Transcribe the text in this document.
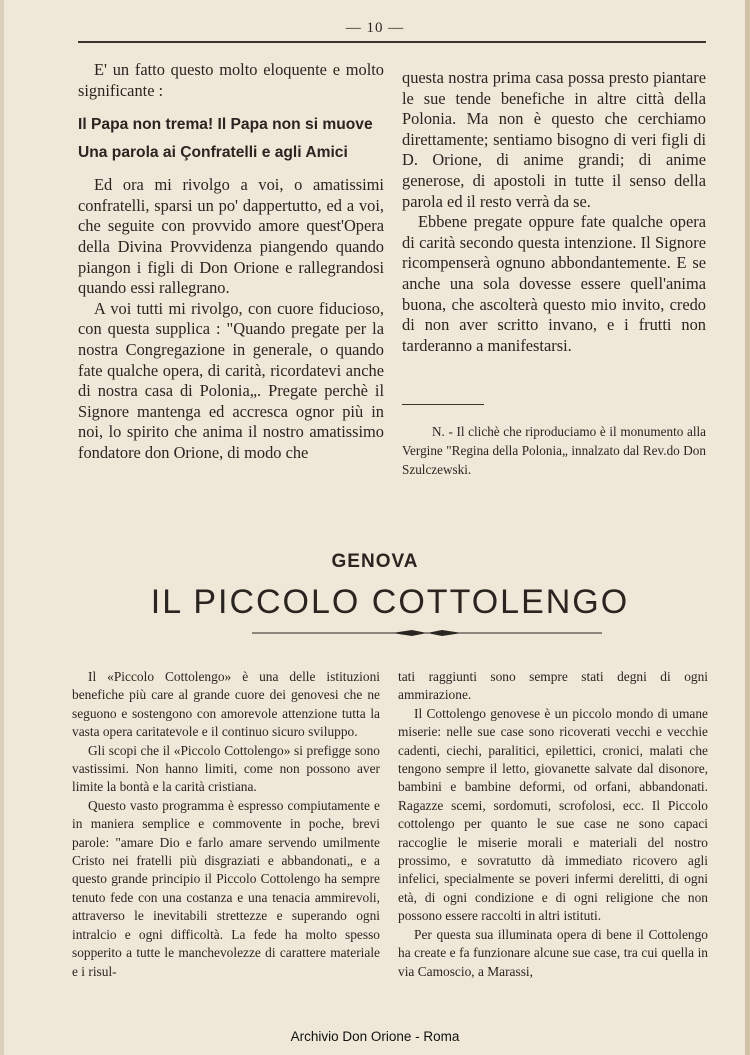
— 10 —

E' un fatto questo molto eloquente e molto significante :

Il Papa non trema! Il Papa non si muove

Una parola ai Çonfratelli e agli Amici

Ed ora mi rivolgo a voi, o amatissimi confratelli, sparsi un po' dappertutto, ed a voi, che seguite con provvido amore quest'Opera della Divina Provvidenza piangendo quando piangon i figli di Don Orione e rallegrandosi quando essi rallegrano.

A voi tutti mi rivolgo, con cuore fiducioso, con questa supplica : "Quando pregate per la nostra Congregazione in generale, o quando fate qualche opera, di carità, ricordatevi anche di nostra casa di Polonia„. Pregate perchè il Signore mantenga ed accresca ognor più in noi, lo spirito che anima il nostro amatissimo fondatore don Orione, di modo che

questa nostra prima casa possa presto piantare le sue tende benefiche in altre città della Polonia. Ma non è questo che cerchiamo direttamente; sentiamo bisogno di veri figli di D. Orione, di anime grandi; di anime generose, di apostoli in tutte il senso della parola ed il resto verrà da se.

Ebbene pregate oppure fate qualche opera di carità secondo questa intenzione. Il Signore ricompenserà ognuno abbondantemente. E se anche una sola dovesse essere quell'anima buona, che ascolterà questo mio invito, credo di non aver scritto invano, e i frutti non tarderanno a manifestarsi.

N. - Il clichè che riproduciamo è il monumento alla Vergine "Regina della Polonia„ innalzato dal Rev.do Don Szulczewski.

GENOVA
IL PICCOLO COTTOLENGO

Il «Piccolo Cottolengo» è una delle istituzioni benefiche più care al grande cuore dei genovesi che ne seguono e sostengono con amorevole attenzione tutta la vasta opera caritatevole e il continuo sicuro sviluppo.

Gli scopi che il «Piccolo Cottolengo» si prefigge sono vastissimi. Non hanno limiti, come non possono aver limite la bontà e la carità cristiana.

Questo vasto programma è espresso compiutamente e in maniera semplice e commovente in poche, brevi parole: "amare Dio e farlo amare servendo umilmente Cristo nei fratelli più disgraziati e abbandonati„ e a questo grande principio il Piccolo Cottolengo ha sempre tenuto fede con una costanza e una tenacia ammirevoli, attraverso le inevitabili strettezze e superando ogni intralcio e ogni difficoltà. La fede ha molto spesso sopperito a tutte le manchevolezze di carattere materiale e i risul-

tati raggiunti sono sempre stati degni di ogni ammirazione.

Il Cottolengo genovese è un piccolo mondo di umane miserie: nelle sue case sono ricoverati vecchi e vecchie cadenti, ciechi, paralitici, epilettici, cronici, malati che tengono sempre il letto, giovanette salvate dal disonore, bambini e bambine deformi, od orfani, abbandonati. Ragazze scemi, sordomuti, scrofolosi, ecc. Il Piccolo cottolengo per quanto le sue case ne sono capaci raccoglie le miserie morali e materiali del nostro prossimo, e sovratutto dà immediato ricovero agli infelici, specialmente se poveri infermi derelitti, di ogni età, di ogni condizione e di ogni religione che non possono essere raccolti in altri istituti.

Per questa sua illuminata opera di bene il Cottolengo ha create e fa funzionare alcune sue case, tra cui quella in via Camoscio, a Marassi,

Archivio Don Orione - Roma
